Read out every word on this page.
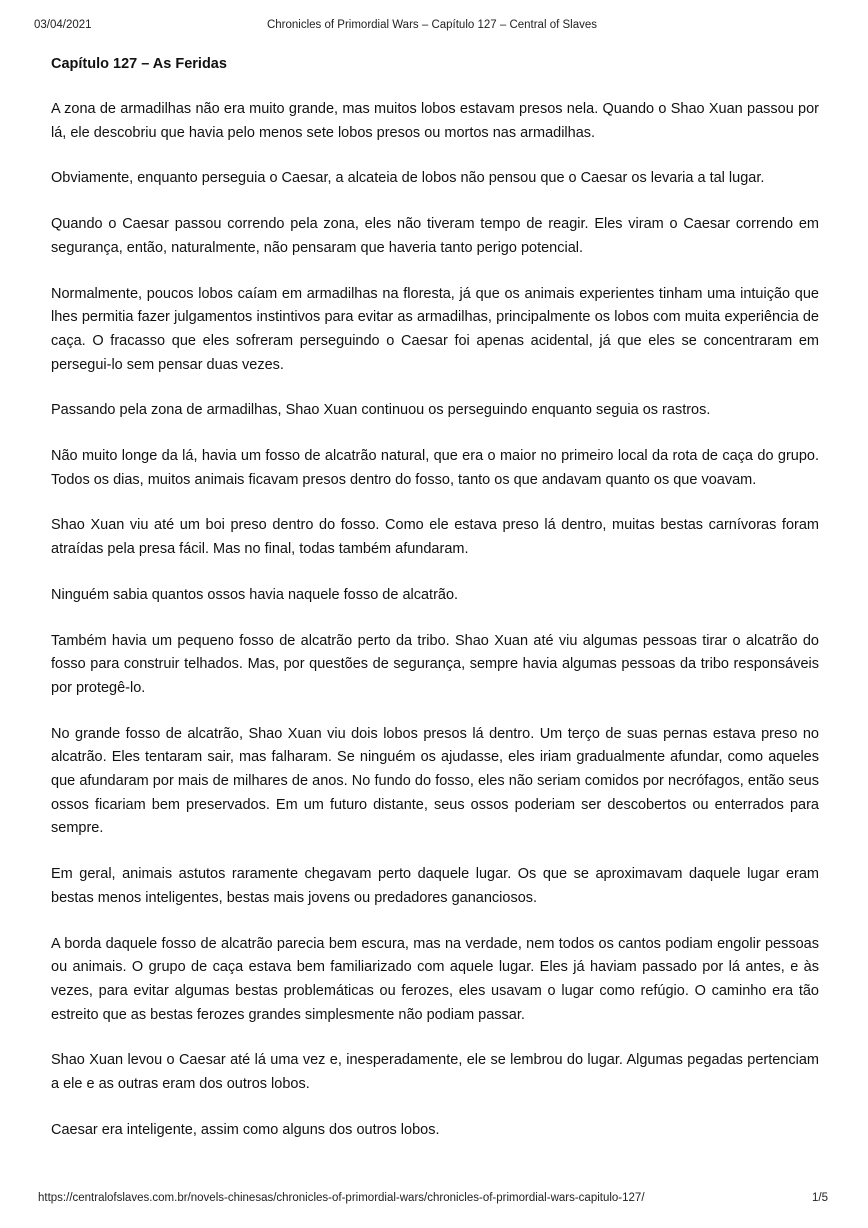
03/04/2021	Chronicles of Primordial Wars – Capítulo 127 – Central of Slaves
Capítulo 127 – As Feridas

A zona de armadilhas não era muito grande, mas muitos lobos estavam presos nela. Quando o Shao Xuan passou por lá, ele descobriu que havia pelo menos sete lobos presos ou mortos nas armadilhas.

Obviamente, enquanto perseguia o Caesar, a alcateia de lobos não pensou que o Caesar os levaria a tal lugar.

Quando o Caesar passou correndo pela zona, eles não tiveram tempo de reagir. Eles viram o Caesar correndo em segurança, então, naturalmente, não pensaram que haveria tanto perigo potencial.

Normalmente, poucos lobos caíam em armadilhas na floresta, já que os animais experientes tinham uma intuição que lhes permitia fazer julgamentos instintivos para evitar as armadilhas, principalmente os lobos com muita experiência de caça. O fracasso que eles sofreram perseguindo o Caesar foi apenas acidental, já que eles se concentraram em persegui-lo sem pensar duas vezes.

Passando pela zona de armadilhas, Shao Xuan continuou os perseguindo enquanto seguia os rastros.

Não muito longe da lá, havia um fosso de alcatrão natural, que era o maior no primeiro local da rota de caça do grupo. Todos os dias, muitos animais ficavam presos dentro do fosso, tanto os que andavam quanto os que voavam.

Shao Xuan viu até um boi preso dentro do fosso. Como ele estava preso lá dentro, muitas bestas carnívoras foram atraídas pela presa fácil. Mas no final, todas também afundaram.

Ninguém sabia quantos ossos havia naquele fosso de alcatrão.

Também havia um pequeno fosso de alcatrão perto da tribo. Shao Xuan até viu algumas pessoas tirar o alcatrão do fosso para construir telhados. Mas, por questões de segurança, sempre havia algumas pessoas da tribo responsáveis por protegê-lo.

No grande fosso de alcatrão, Shao Xuan viu dois lobos presos lá dentro. Um terço de suas pernas estava preso no alcatrão. Eles tentaram sair, mas falharam. Se ninguém os ajudasse, eles iriam gradualmente afundar, como aqueles que afundaram por mais de milhares de anos. No fundo do fosso, eles não seriam comidos por necrófagos, então seus ossos ficariam bem preservados. Em um futuro distante, seus ossos poderiam ser descobertos ou enterrados para sempre.

Em geral, animais astutos raramente chegavam perto daquele lugar. Os que se aproximavam daquele lugar eram bestas menos inteligentes, bestas mais jovens ou predadores gananciosos.

A borda daquele fosso de alcatrão parecia bem escura, mas na verdade, nem todos os cantos podiam engolir pessoas ou animais. O grupo de caça estava bem familiarizado com aquele lugar. Eles já haviam passado por lá antes, e às vezes, para evitar algumas bestas problemáticas ou ferozes, eles usavam o lugar como refúgio. O caminho era tão estreito que as bestas ferozes grandes simplesmente não podiam passar.

Shao Xuan levou o Caesar até lá uma vez e, inesperadamente, ele se lembrou do lugar. Algumas pegadas pertenciam a ele e as outras eram dos outros lobos.

Caesar era inteligente, assim como alguns dos outros lobos.

https://centralofslaves.com.br/novels-chinesas/chronicles-of-primordial-wars/chronicles-of-primordial-wars-capitulo-127/	1/5
